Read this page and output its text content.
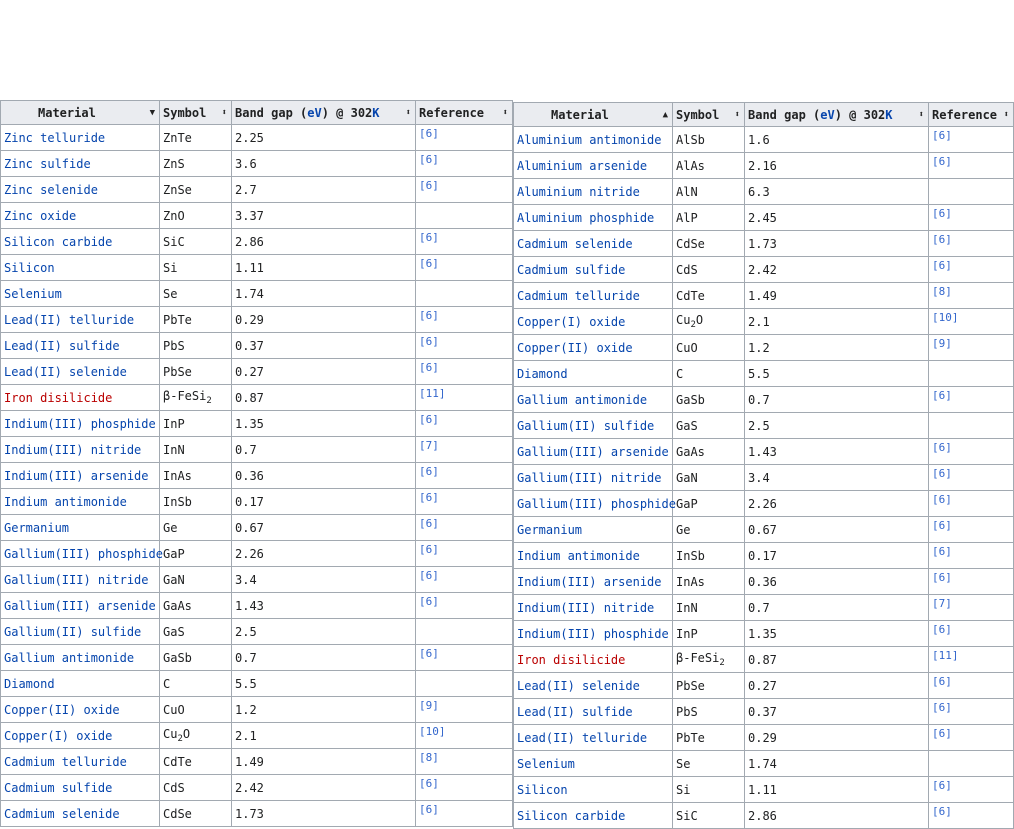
Material ▼	Symbol ⬍	Band gap (eV) @ 302K ⬍	Reference ⬍

Zinc telluride	ZnTe	2.25	[6]
Zinc sulfide	ZnS	3.6	[6]
Zinc selenide	ZnSe	2.7	[6]
Zinc oxide	ZnO	3.37	
Silicon carbide	SiC	2.86	[6]
Silicon	Si	1.11	[6]
Selenium	Se	1.74	
Lead(II) telluride	PbTe	0.29	[6]
Lead(II) sulfide	PbS	0.37	[6]
Lead(II) selenide	PbSe	0.27	[6]
Iron disilicide	β-FeSi$_2$	0.87	[11]
Indium(III) phosphide	InP	1.35	[6]
Indium(III) nitride	InN	0.7	[7]
Indium(III) arsenide	InAs	0.36	[6]
Indium antimonide	InSb	0.17	[6]
Germanium	Ge	0.67	[6]
Gallium(III) phosphide	GaP	2.26	[6]
Gallium(III) nitride	GaN	3.4	[6]
Gallium(III) arsenide	GaAs	1.43	[6]
Gallium(II) sulfide	GaS	2.5	
Gallium antimonide	GaSb	0.7	[6]
Diamond	C	5.5	
Copper(II) oxide	CuO	1.2	[9]
Copper(I) oxide	$Cu_2O$	2.1	[10]
Cadmium telluride	CdTe	1.49	[8]
Cadmium sulfide	CdS	2.42	[6]
Cadmium selenide	CdSe	1.73	[6]
Material ▲	Symbol ⬍	Band gap (eV) @ 302K ⬍	Reference ⬍

Aluminium antimonide	AlSb	1.6	[6]
Aluminium arsenide	AlAs	2.16	[6]
Aluminium nitride	AlN	6.3	
Aluminium phosphide	AlP	2.45	[6]
Cadmium selenide	CdSe	1.73	[6]
Cadmium sulfide	CdS	2.42	[6]
Cadmium telluride	CdTe	1.49	[8]
Copper(I) oxide	$Cu_2O$	2.1	[10]
Copper(II) oxide	CuO	1.2	[9]
Diamond	C	5.5	
Gallium antimonide	GaSb	0.7	[6]
Gallium(II) sulfide	GaS	2.5	
Gallium(III) arsenide	GaAs	1.43	[6]
Gallium(III) nitride	GaN	3.4	[6]
Gallium(III) phosphide	GaP	2.26	[6]
Germanium	Ge	0.67	[6]
Indium antimonide	InSb	0.17	[6]
Indium(III) arsenide	InAs	0.36	[6]
Indium(III) nitride	InN	0.7	[7]
Indium(III) phosphide	InP	1.35	[6]
Iron disilicide	β-FeSi$_2$	0.87	[11]
Lead(II) selenide	PbSe	0.27	[6]
Lead(II) sulfide	PbS	0.37	[6]
Lead(II) telluride	PbTe	0.29	[6]
Selenium	Se	1.74	
Silicon	Si	1.11	[6]
Silicon carbide	SiC	2.86	[6]
